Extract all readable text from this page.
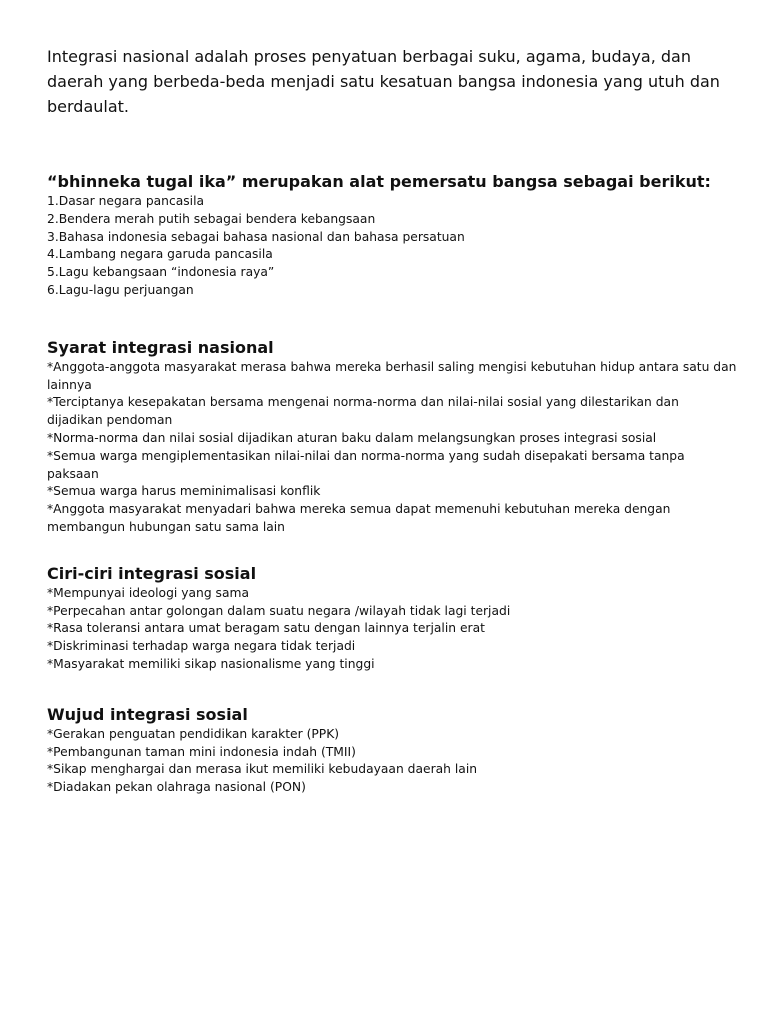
Integrasi nasional adalah proses penyatuan berbagai suku, agama, budaya, dan daerah yang berbeda-beda menjadi satu kesatuan bangsa indonesia yang utuh dan berdaulat.

“bhinneka tugal ika” merupakan alat pemersatu bangsa sebagai berikut:
1.Dasar negara pancasila
2.Bendera merah putih sebagai bendera kebangsaan
3.Bahasa indonesia sebagai bahasa nasional dan bahasa persatuan
4.Lambang negara garuda pancasila
5.Lagu kebangsaan “indonesia raya”
6.Lagu-lagu perjuangan
Syarat integrasi nasional
*Anggota-anggota masyarakat merasa bahwa mereka berhasil saling mengisi kebutuhan hidup antara satu dan lainnya
*Terciptanya kesepakatan bersama mengenai norma-norma dan nilai-nilai sosial yang dilestarikan dan dijadikan pendoman
*Norma-norma dan nilai sosial dijadikan aturan baku dalam melangsungkan proses integrasi sosial
*Semua warga mengiplementasikan nilai-nilai dan norma-norma yang sudah disepakati bersama tanpa paksaan
*Semua warga harus meminimalisasi konflik
*Anggota masyarakat menyadari bahwa mereka semua dapat memenuhi kebutuhan mereka dengan membangun hubungan satu sama lain
Ciri-ciri integrasi sosial
*Mempunyai ideologi yang sama
*Perpecahan antar golongan dalam suatu negara /wilayah tidak lagi terjadi
*Rasa toleransi antara umat beragam satu dengan lainnya terjalin erat
*Diskriminasi terhadap warga negara tidak terjadi
*Masyarakat memiliki sikap nasionalisme yang tinggi
Wujud integrasi sosial
*Gerakan penguatan pendidikan karakter (PPK)
*Pembangunan taman mini indonesia indah (TMII)
*Sikap menghargai dan merasa ikut memiliki kebudayaan daerah lain
*Diadakan pekan olahraga nasional (PON)
